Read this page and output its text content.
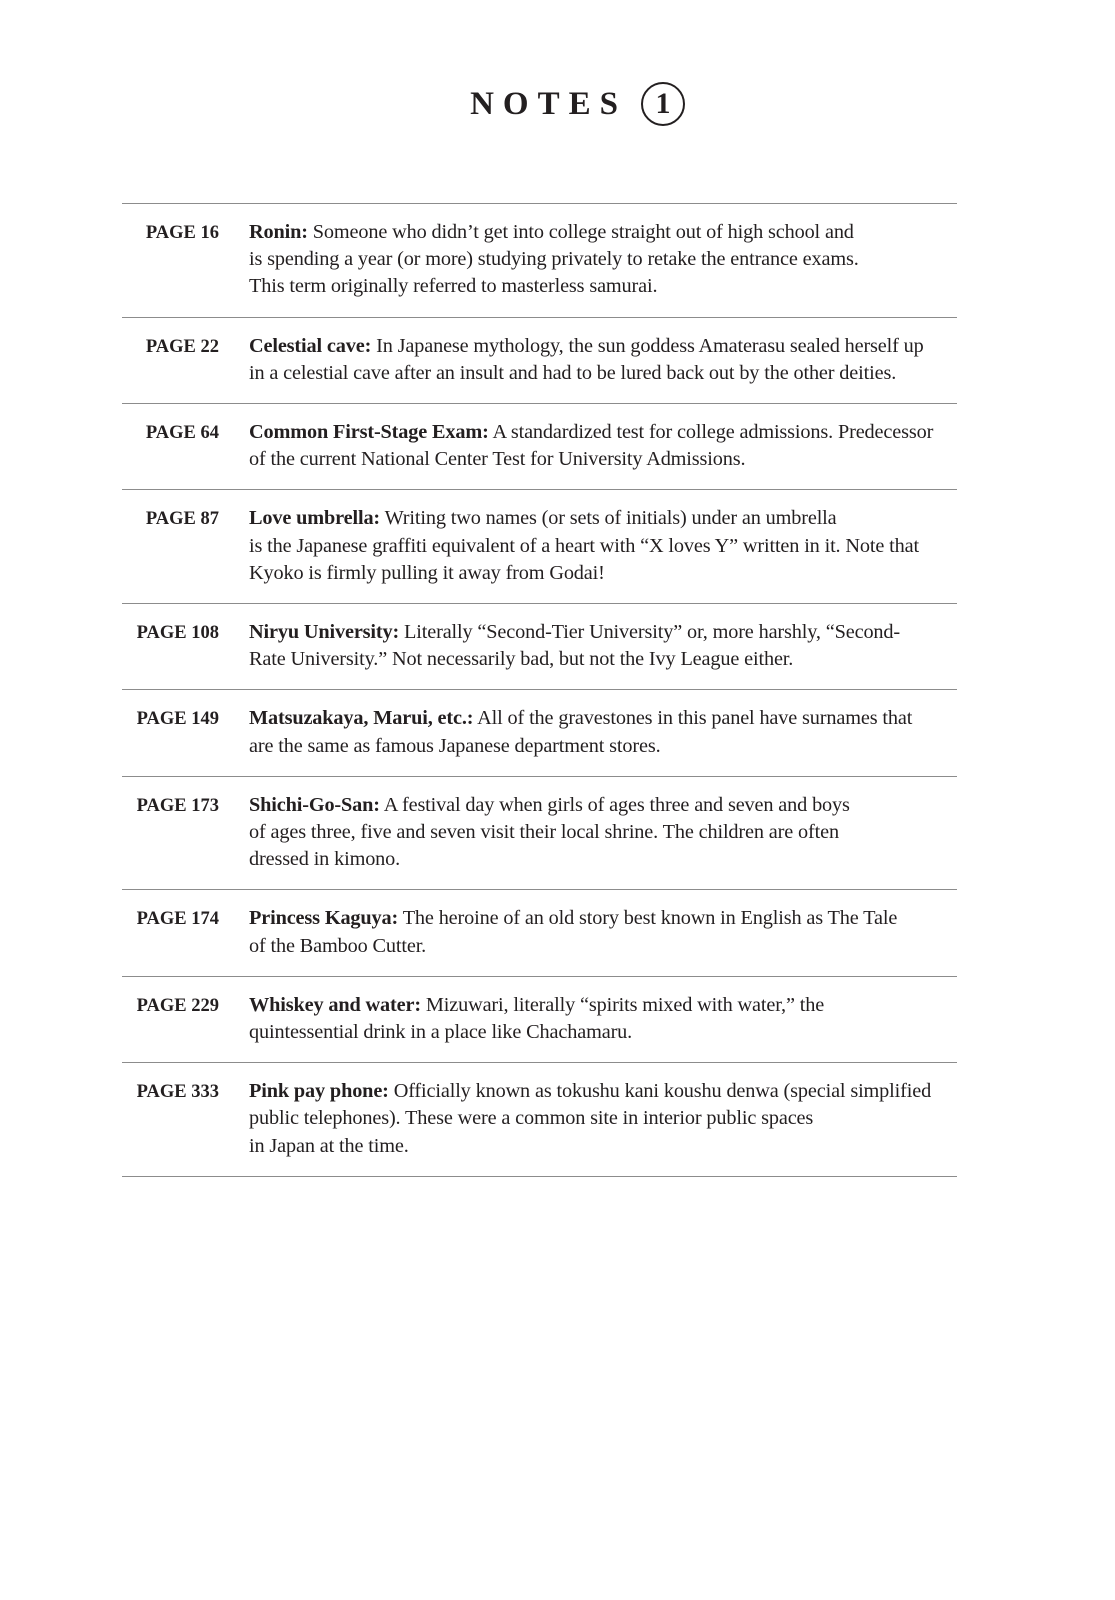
NOTES 1
PAGE 16 Ronin: Someone who didn’t get into college straight out of high school and
is spending a year (or more) studying privately to retake the entrance exams.
This term originally referred to masterless samurai.
PAGE 22 Celestial cave: In Japanese mythology, the sun goddess Amaterasu sealed herself up
in a celestial cave after an insult and had to be lured back out by the other deities.
PAGE 64 Common First-Stage Exam: A standardized test for college admissions. Predecessor
of the current National Center Test for University Admissions.
PAGE 87 Love umbrella: Writing two names (or sets of initials) under an umbrella
is the Japanese graffiti equivalent of a heart with “X loves Y” written in it. Note that
Kyoko is firmly pulling it away from Godai!
PAGE 108 Niryu University: Literally “Second-Tier University” or, more harshly, “Second-
Rate University.” Not necessarily bad, but not the Ivy League either.
PAGE 149 Matsuzakaya, Marui, etc.: All of the gravestones in this panel have surnames that
are the same as famous Japanese department stores.
PAGE 173 Shichi-Go-San: A festival day when girls of ages three and seven and boys
of ages three, five and seven visit their local shrine. The children are often
dressed in kimono.
PAGE 174 Princess Kaguya: The heroine of an old story best known in English as The Tale
of the Bamboo Cutter.
PAGE 229 Whiskey and water: Mizuwari, literally “spirits mixed with water,” the
quintessential drink in a place like Chachamaru.
PAGE 333 Pink pay phone: Officially known as tokushu kani koushu denwa (special simplified
public telephones). These were a common site in interior public spaces
in Japan at the time.
